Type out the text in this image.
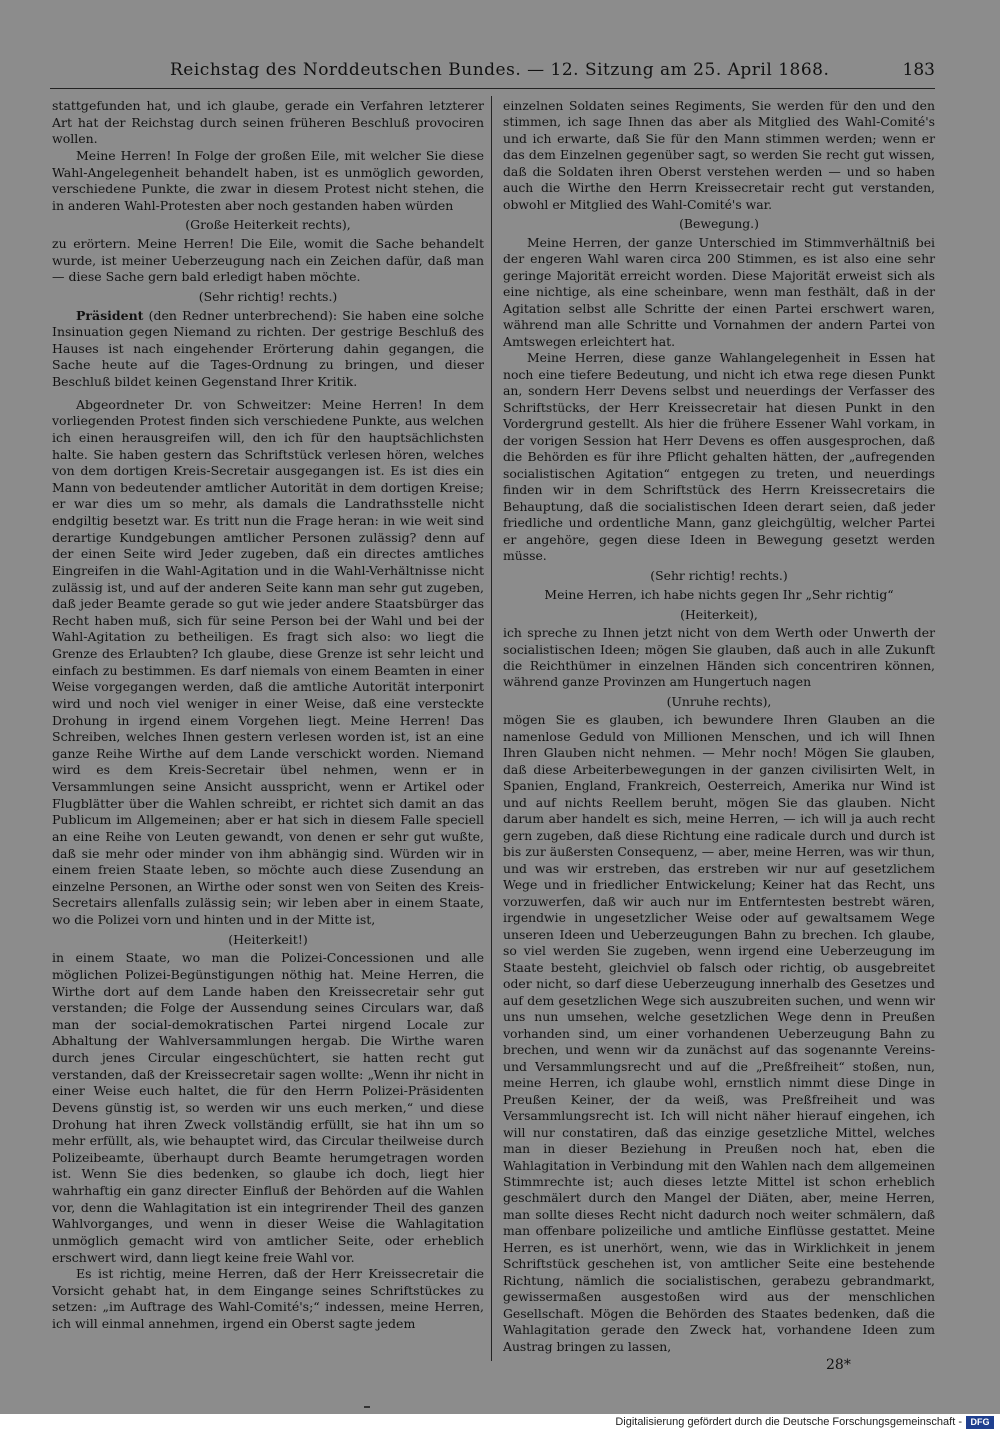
Reichstag des Norddeutschen Bundes. — 12. Sitzung am 25. April 1868.	183

stattgefunden hat, und ich glaube, gerade ein Verfahren letzterer Art hat der Reichstag durch seinen früheren Beschluß provociren wollen.

Meine Herren! In Folge der großen Eile, mit welcher Sie diese Wahl-Angelegenheit behandelt haben, ist es unmöglich geworden, verschiedene Punkte, die zwar in diesem Protest nicht stehen, die in anderen Wahl-Protesten aber noch gestanden haben würden

(Große Heiterkeit rechts),

zu erörtern. Meine Herren! Die Eile, womit die Sache behandelt wurde, ist meiner Ueberzeugung nach ein Zeichen dafür, daß man — diese Sache gern bald erledigt haben möchte.

(Sehr richtig! rechts.)

Präsident (den Redner unterbrechend): Sie haben eine solche Insinuation gegen Niemand zu richten. Der gestrige Beschluß des Hauses ist nach eingehender Erörterung dahin gegangen, die Sache heute auf die Tages-Ordnung zu bringen, und dieser Beschluß bildet keinen Gegenstand Ihrer Kritik.

Abgeordneter Dr. von Schweitzer: Meine Herren! In dem vorliegenden Protest finden sich verschiedene Punkte, aus welchen ich einen herausgreifen will, den ich für den hauptsächlichsten halte. Sie haben gestern das Schriftstück verlesen hören, welches von dem dortigen Kreis-Secretair ausgegangen ist. Es ist dies ein Mann von bedeutender amtlicher Autorität in dem dortigen Kreise; er war dies um so mehr, als damals die Landrathsstelle nicht endgiltig besetzt war. Es tritt nun die Frage heran: in wie weit sind derartige Kundgebungen amtlicher Personen zulässig? denn auf der einen Seite wird Jeder zugeben, daß ein directes amtliches Eingreifen in die Wahl-Agitation und in die Wahl-Verhältnisse nicht zulässig ist, und auf der anderen Seite kann man sehr gut zugeben, daß jeder Beamte gerade so gut wie jeder andere Staatsbürger das Recht haben muß, sich für seine Person bei der Wahl und bei der Wahl-Agitation zu betheiligen. Es fragt sich also: wo liegt die Grenze des Erlaubten? Ich glaube, diese Grenze ist sehr leicht und einfach zu bestimmen. Es darf niemals von einem Beamten in einer Weise vorgegangen werden, daß die amtliche Autorität interponirt wird und noch viel weniger in einer Weise, daß eine versteckte Drohung in irgend einem Vorgehen liegt. Meine Herren! Das Schreiben, welches Ihnen gestern verlesen worden ist, ist an eine ganze Reihe Wirthe auf dem Lande verschickt worden. Niemand wird es dem Kreis-Secretair übel nehmen, wenn er in Versammlungen seine Ansicht ausspricht, wenn er Artikel oder Flugblätter über die Wahlen schreibt, er richtet sich damit an das Publicum im Allgemeinen; aber er hat sich in diesem Falle speciell an eine Reihe von Leuten gewandt, von denen er sehr gut wußte, daß sie mehr oder minder von ihm abhängig sind. Würden wir in einem freien Staate leben, so möchte auch diese Zusendung an einzelne Personen, an Wirthe oder sonst wen von Seiten des Kreis-Secretairs allenfalls zulässig sein; wir leben aber in einem Staate, wo die Polizei vorn und hinten und in der Mitte ist,

(Heiterkeit!)

in einem Staate, wo man die Polizei-Concessionen und alle möglichen Polizei-Begünstigungen nöthig hat. Meine Herren, die Wirthe dort auf dem Lande haben den Kreissecretair sehr gut verstanden; die Folge der Aussendung seines Circulars war, daß man der social-demokratischen Partei nirgend Locale zur Abhaltung der Wahlversammlungen hergab. Die Wirthe waren durch jenes Circular eingeschüchtert, sie hatten recht gut verstanden, daß der Kreissecretair sagen wollte: „Wenn ihr nicht in einer Weise euch haltet, die für den Herrn Polizei-Präsidenten Devens günstig ist, so werden wir uns euch merken,“ und diese Drohung hat ihren Zweck vollständig erfüllt, sie hat ihn um so mehr erfüllt, als, wie behauptet wird, das Circular theilweise durch Polizeibeamte, überhaupt durch Beamte herumgetragen worden ist. Wenn Sie dies bedenken, so glaube ich doch, liegt hier wahrhaftig ein ganz directer Einfluß der Behörden auf die Wahlen vor, denn die Wahlagitation ist ein integrirender Theil des ganzen Wahlvorganges, und wenn in dieser Weise die Wahlagitation unmöglich gemacht wird von amtlicher Seite, oder erheblich erschwert wird, dann liegt keine freie Wahl vor.

Es ist richtig, meine Herren, daß der Herr Kreissecretair die Vorsicht gehabt hat, in dem Eingange seines Schriftstückes zu setzen: „im Auftrage des Wahl-Comité's;“ indessen, meine Herren, ich will einmal annehmen, irgend ein Oberst sagte jedem

einzelnen Soldaten seines Regiments, Sie werden für den und den stimmen, ich sage Ihnen das aber als Mitglied des Wahl-Comité's und ich erwarte, daß Sie für den Mann stimmen werden; wenn er das dem Einzelnen gegenüber sagt, so werden Sie recht gut wissen, daß die Soldaten ihren Oberst verstehen werden — und so haben auch die Wirthe den Herrn Kreissecretair recht gut verstanden, obwohl er Mitglied des Wahl-Comité's war.

(Bewegung.)

Meine Herren, der ganze Unterschied im Stimmverhältniß bei der engeren Wahl waren circa 200 Stimmen, es ist also eine sehr geringe Majorität erreicht worden. Diese Majorität erweist sich als eine nichtige, als eine scheinbare, wenn man festhält, daß in der Agitation selbst alle Schritte der einen Partei erschwert waren, während man alle Schritte und Vornahmen der andern Partei von Amtswegen erleichtert hat.

Meine Herren, diese ganze Wahlangelegenheit in Essen hat noch eine tiefere Bedeutung, und nicht ich etwa rege diesen Punkt an, sondern Herr Devens selbst und neuerdings der Verfasser des Schriftstücks, der Herr Kreissecretair hat diesen Punkt in den Vordergrund gestellt. Als hier die frühere Essener Wahl vorkam, in der vorigen Session hat Herr Devens es offen ausgesprochen, daß die Behörden es für ihre Pflicht gehalten hätten, der „aufregenden socialistischen Agitation“ entgegen zu treten, und neuerdings finden wir in dem Schriftstück des Herrn Kreissecretairs die Behauptung, daß die socialistischen Ideen derart seien, daß jeder friedliche und ordentliche Mann, ganz gleichgültig, welcher Partei er angehöre, gegen diese Ideen in Bewegung gesetzt werden müsse.

(Sehr richtig! rechts.)

Meine Herren, ich habe nichts gegen Ihr „Sehr richtig“

(Heiterkeit),

ich spreche zu Ihnen jetzt nicht von dem Werth oder Unwerth der socialistischen Ideen; mögen Sie glauben, daß auch in alle Zukunft die Reichthümer in einzelnen Händen sich concentriren können, während ganze Provinzen am Hungertuch nagen

(Unruhe rechts),

mögen Sie es glauben, ich bewundere Ihren Glauben an die namenlose Geduld von Millionen Menschen, und ich will Ihnen Ihren Glauben nicht nehmen. — Mehr noch! Mögen Sie glauben, daß diese Arbeiterbewegungen in der ganzen civilisirten Welt, in Spanien, England, Frankreich, Oesterreich, Amerika nur Wind ist und auf nichts Reellem beruht, mögen Sie das glauben. Nicht darum aber handelt es sich, meine Herren, — ich will ja auch recht gern zugeben, daß diese Richtung eine radicale durch und durch ist bis zur äußersten Consequenz, — aber, meine Herren, was wir thun, und was wir erstreben, das erstreben wir nur auf gesetzlichem Wege und in friedlicher Entwickelung; Keiner hat das Recht, uns vorzuwerfen, daß wir auch nur im Entferntesten bestrebt wären, irgendwie in ungesetzlicher Weise oder auf gewaltsamem Wege unseren Ideen und Ueberzeugungen Bahn zu brechen. Ich glaube, so viel werden Sie zugeben, wenn irgend eine Ueberzeugung im Staate besteht, gleichviel ob falsch oder richtig, ob ausgebreitet oder nicht, so darf diese Ueberzeugung innerhalb des Gesetzes und auf dem gesetzlichen Wege sich auszubreiten suchen, und wenn wir uns nun umsehen, welche gesetzlichen Wege denn in Preußen vorhanden sind, um einer vorhandenen Ueberzeugung Bahn zu brechen, und wenn wir da zunächst auf das sogenannte Vereins- und Versammlungsrecht und auf die „Preßfreiheit“ stoßen, nun, meine Herren, ich glaube wohl, ernstlich nimmt diese Dinge in Preußen Keiner, der da weiß, was Preßfreiheit und was Versammlungsrecht ist. Ich will nicht näher hierauf eingehen, ich will nur constatiren, daß das einzige gesetzliche Mittel, welches man in dieser Beziehung in Preußen noch hat, eben die Wahlagitation in Verbindung mit den Wahlen nach dem allgemeinen Stimmrechte ist; auch dieses letzte Mittel ist schon erheblich geschmälert durch den Mangel der Diäten, aber, meine Herren, man sollte dieses Recht nicht dadurch noch weiter schmälern, daß man offenbare polizeiliche und amtliche Einflüsse gestattet. Meine Herren, es ist unerhört, wenn, wie das in Wirklichkeit in jenem Schriftstück geschehen ist, von amtlicher Seite eine bestehende Richtung, nämlich die socialistischen, gerabezu gebrandmarkt, gewissermaßen ausgestoßen wird aus der menschlichen Gesellschaft. Mögen die Behörden des Staates bedenken, daß die Wahlagitation gerade den Zweck hat, vorhandene Ideen zum Austrag bringen zu lassen,

28*
Digitalisierung gefördert durch die Deutsche Forschungsgemeinschaft - DFG
